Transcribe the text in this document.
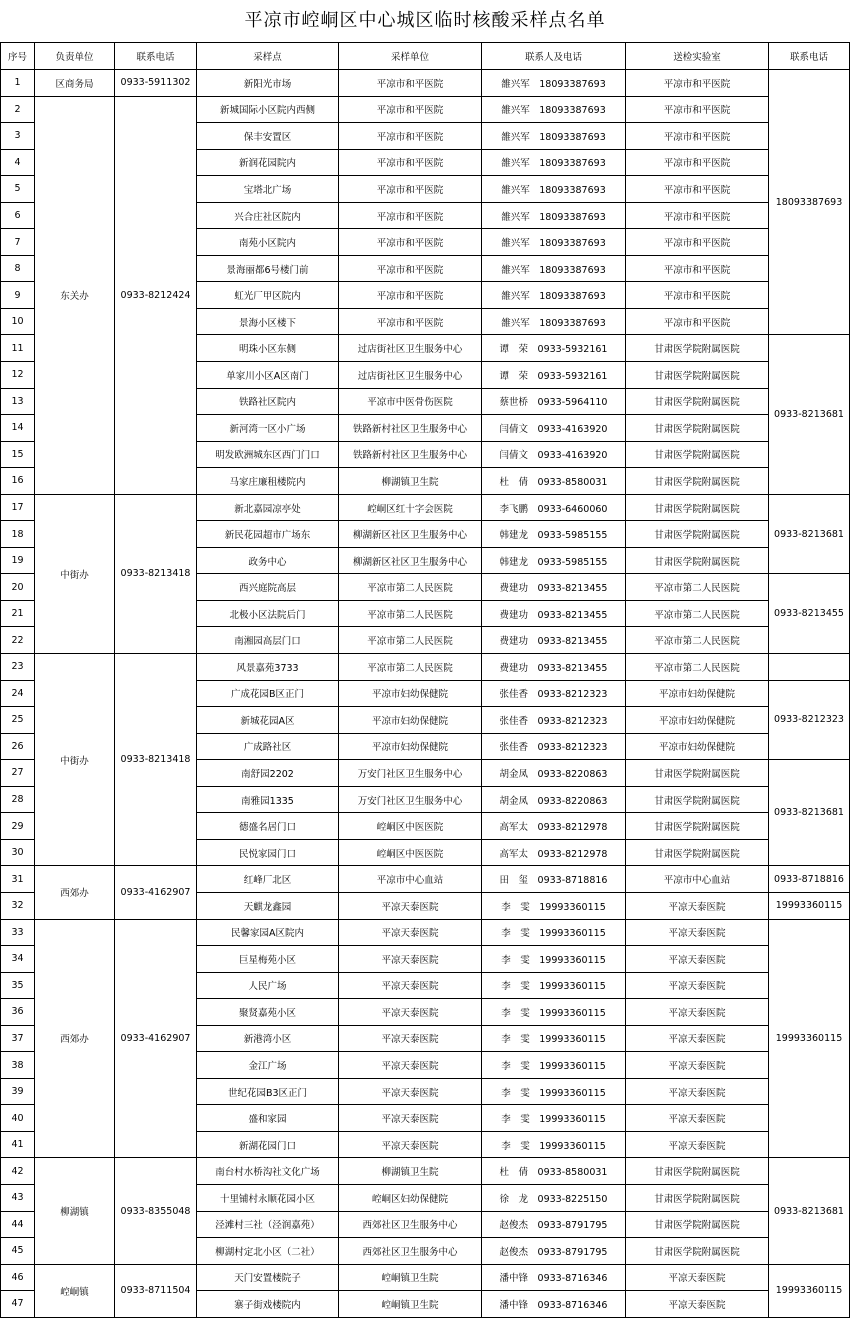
平凉市崆峒区中心城区临时核酸采样点名单
序号	负责单位	联系电话	采样点	采样单位	联系人及电话	送检实验室	联系电话
1	区商务局	0933-5911302	新阳光市场	平凉市和平医院	雒兴军　18093387693	平凉市和平医院	18093387693
2	东关办	0933-8212424	新城国际小区院内西侧	平凉市和平医院	雒兴军　18093387693	平凉市和平医院	
3			保丰安置区	平凉市和平医院	雒兴军　18093387693	平凉市和平医院	
4			新润花园院内	平凉市和平医院	雒兴军　18093387693	平凉市和平医院	
5			宝塔北广场	平凉市和平医院	雒兴军　18093387693	平凉市和平医院	
6			兴合庄社区院内	平凉市和平医院	雒兴军　18093387693	平凉市和平医院	
7			南苑小区院内	平凉市和平医院	雒兴军　18093387693	平凉市和平医院	
8			景海丽都6号楼门前	平凉市和平医院	雒兴军　18093387693	平凉市和平医院	
9			虹光厂甲区院内	平凉市和平医院	雒兴军　18093387693	平凉市和平医院	
10			景海小区楼下	平凉市和平医院	雒兴军　18093387693	平凉市和平医院	
11			明珠小区东侧	过店街社区卫生服务中心	谭　荣　0933-5932161	甘肃医学院附属医院	0933-8213681
12			单家川小区A区南门	过店街社区卫生服务中心	谭　荣　0933-5932161	甘肃医学院附属医院	
13			铁路社区院内	平凉市中医骨伤医院	蔡世桥　0933-5964110	甘肃医学院附属医院	
14			新河湾一区小广场	铁路新村社区卫生服务中心	闫倩文　0933-4163920	甘肃医学院附属医院	
15			明发欧洲城东区西门门口	铁路新村社区卫生服务中心	闫倩文　0933-4163920	甘肃医学院附属医院	
16			马家庄廉租楼院内	柳湖镇卫生院	杜　倩　0933-8580031	甘肃医学院附属医院	
17	中街办	0933-8213418	新北嘉园凉亭处	崆峒区红十字会医院	李飞鹏　0933-6460060	甘肃医学院附属医院	0933-8213681
18			新民花园超市广场东	柳湖新区社区卫生服务中心	韩建龙　0933-5985155	甘肃医学院附属医院	
19			政务中心	柳湖新区社区卫生服务中心	韩建龙　0933-5985155	甘肃医学院附属医院	
20			西兴庭院高层	平凉市第二人民医院	费建功　0933-8213455	平凉市第二人民医院	0933-8213455
21			北极小区法院后门	平凉市第二人民医院	费建功　0933-8213455	平凉市第二人民医院	
22			南湘园高层门口	平凉市第二人民医院	费建功　0933-8213455	平凉市第二人民医院	
23	中街办	0933-8213418	风景嘉苑3733	平凉市第二人民医院	费建功　0933-8213455	平凉市第二人民医院	
24			广成花园B区正门	平凉市妇幼保健院	张佳香　0933-8212323	平凉市妇幼保健院	0933-8212323
25			新城花园A区	平凉市妇幼保健院	张佳香　0933-8212323	平凉市妇幼保健院	
26			广成路社区	平凉市妇幼保健院	张佳香　0933-8212323	平凉市妇幼保健院	
27			南舒园2202	万安门社区卫生服务中心	胡金凤　0933-8220863	甘肃医学院附属医院	0933-8213681
28			南雅园1335	万安门社区卫生服务中心	胡金凤　0933-8220863	甘肃医学院附属医院	
29			德盛名居门口	崆峒区中医医院	高军太　0933-8212978	甘肃医学院附属医院	
30			民悦家园门口	崆峒区中医医院	高军太　0933-8212978	甘肃医学院附属医院	
31	西郊办	0933-4162907	红峰厂北区	平凉市中心血站	田　玺　0933-8718816	平凉市中心血站	0933-8718816
32			天麒龙鑫园	平凉天泰医院	李　雯　19993360115	平凉天泰医院	19993360115
33	西郊办	0933-4162907	民馨家园A区院内	平凉天泰医院	李　雯　19993360115	平凉天泰医院	19993360115
34			巨星梅苑小区	平凉天泰医院	李　雯　19993360115	平凉天泰医院	
35			人民广场	平凉天泰医院	李　雯　19993360115	平凉天泰医院	
36			聚贤嘉苑小区	平凉天泰医院	李　雯　19993360115	平凉天泰医院	
37			新港湾小区	平凉天泰医院	李　雯　19993360115	平凉天泰医院	
38			金江广场	平凉天泰医院	李　雯　19993360115	平凉天泰医院	
39			世纪花园B3区正门	平凉天泰医院	李　雯　19993360115	平凉天泰医院	
40			盛和家园	平凉天泰医院	李　雯　19993360115	平凉天泰医院	
41			新湖花园门口	平凉天泰医院	李　雯　19993360115	平凉天泰医院	
42	柳湖镇	0933-8355048	南台村水桥沟社文化广场	柳湖镇卫生院	杜　倩　0933-8580031	甘肃医学院附属医院	0933-8213681
43			十里铺村永顺花园小区	崆峒区妇幼保健院	徐　龙　0933-8225150	甘肃医学院附属医院	
44			泾滩村三社（泾润嘉苑）	西郊社区卫生服务中心	赵俊杰　0933-8791795	甘肃医学院附属医院	
45			柳湖村定北小区（二社）	西郊社区卫生服务中心	赵俊杰　0933-8791795	甘肃医学院附属医院	
46	崆峒镇	0933-8711504	天门安置楼院子	崆峒镇卫生院	潘中锋　0933-8716346	平凉天泰医院	19993360115
47			寨子街戏楼院内	崆峒镇卫生院	潘中锋　0933-8716346	平凉天泰医院	
